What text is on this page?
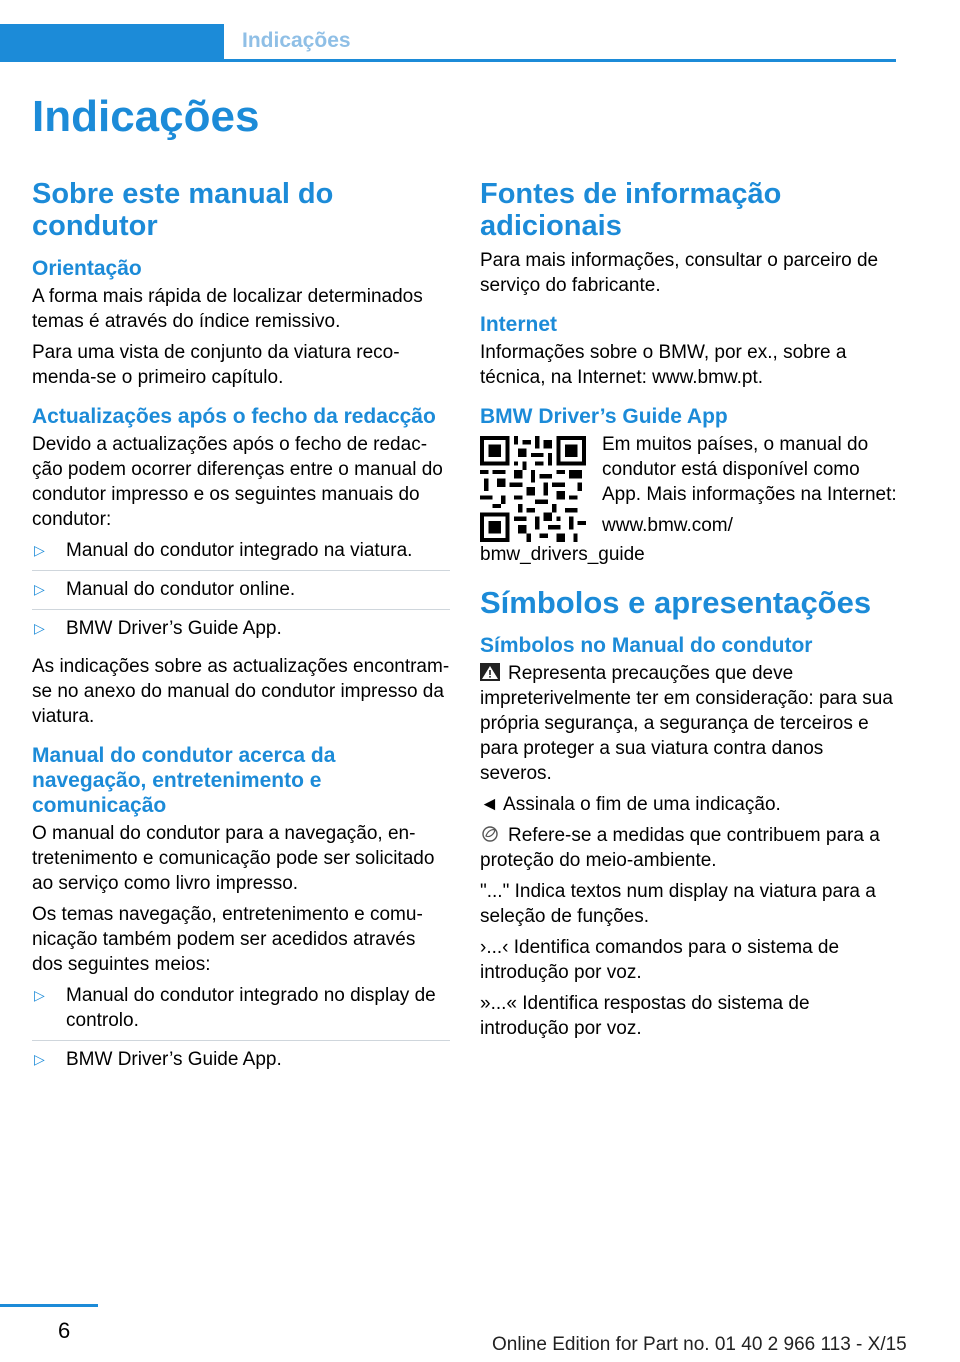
Indicações
Indicações
Sobre este manual do condutor
Orientação

A forma mais rápida de localizar determinados temas é através do índice remissivo.

Para uma vista de conjunto da viatura recomenda-se o primeiro capítulo.

Actualizações após o fecho da redacção

Devido a actualizações após o fecho de redacção podem ocorrer diferenças entre o manual do condutor impresso e os seguintes manuais do condutor:

▷ Manual do condutor integrado na viatura.
▷ Manual do condutor online.
▷ BMW Driver’s Guide App.

As indicações sobre as actualizações encontram-se no anexo do manual do condutor impresso da viatura.

Manual do condutor acerca da navegação, entretenimento e comunicação

O manual do condutor para a navegação, entretenimento e comunicação pode ser solicitado ao serviço como livro impresso.

Os temas navegação, entretenimento e comunicação também podem ser acedidos através dos seguintes meios:

▷ Manual do condutor integrado no display de controlo.
▷ BMW Driver’s Guide App.
Fontes de informação adicionais

Para mais informações, consultar o parceiro de serviço do fabricante.

Internet

Informações sobre o BMW, por ex., sobre a técnica, na Internet: www.bmw.pt.

BMW Driver’s Guide App

Em muitos países, o manual do condutor está disponível como App. Mais informações na Internet:

www.bmw.com/

bmw_drivers_guide

Símbolos e apresentações
Símbolos no Manual do condutor

Representa precauções que deve impreterivelmente ter em consideração: para sua própria segurança, a segurança de terceiros e para proteger a sua viatura contra danos severos.

◄ Assinala o fim de uma indicação.

Refere-se a medidas que contribuem para a proteção do meio-ambiente.

"..." Indica textos num display na viatura para a seleção de funções.

›...‹ Identifica comandos para o sistema de introdução por voz.

»...« Identifica respostas do sistema de introdução por voz.

6
Online Edition for Part no. 01 40 2 966 113 - X/15
